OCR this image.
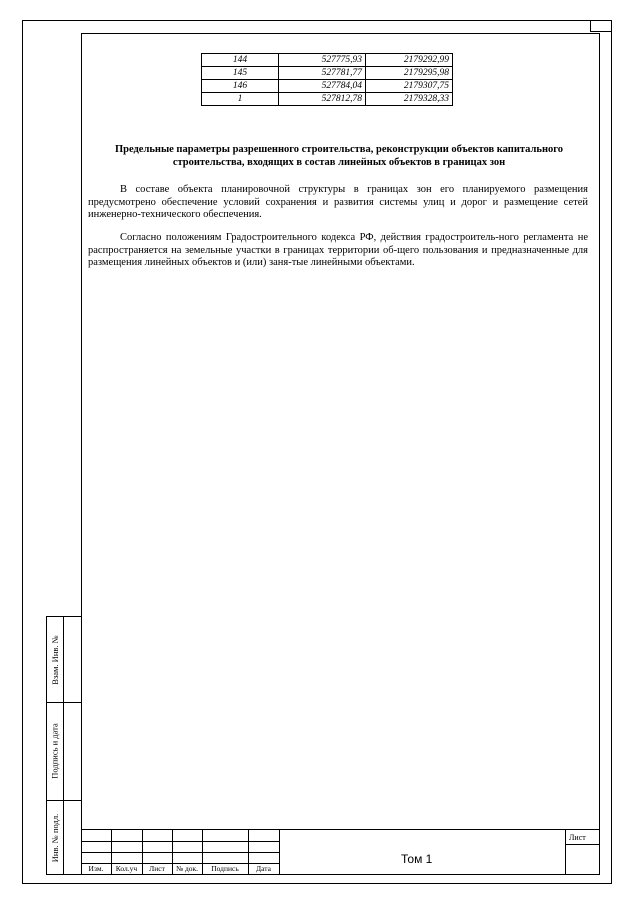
Взам. Инв. №
Подпись и дата
Инв. № подл.
144	527775,93	2179292,99
145	527781,77	2179295,98
146	527784,04	2179307,75
1	527812,78	2179328,33
Предельные параметры разрешенного строительства, реконструкции объектов капитального строительства, входящих в состав линейных объектов в границах зон
В составе объекта планировочной структуры в границах зон его планируемого размещения предусмотрено обеспечение условий сохранения и развития системы улиц и дорог и размещение сетей инженерно-технического обеспечения.
Согласно положениям Градостроительного кодекса РФ, действия градостроитель-ного регламента не распространяется на земельные участки в границах территории об-щего пользования и предназначенные для размещения линейных объектов и (или) заня-тые линейными объектами.
Изм.	Кол.уч	Лист	№ док.	Подпись	Дата
Том 1
Лист
